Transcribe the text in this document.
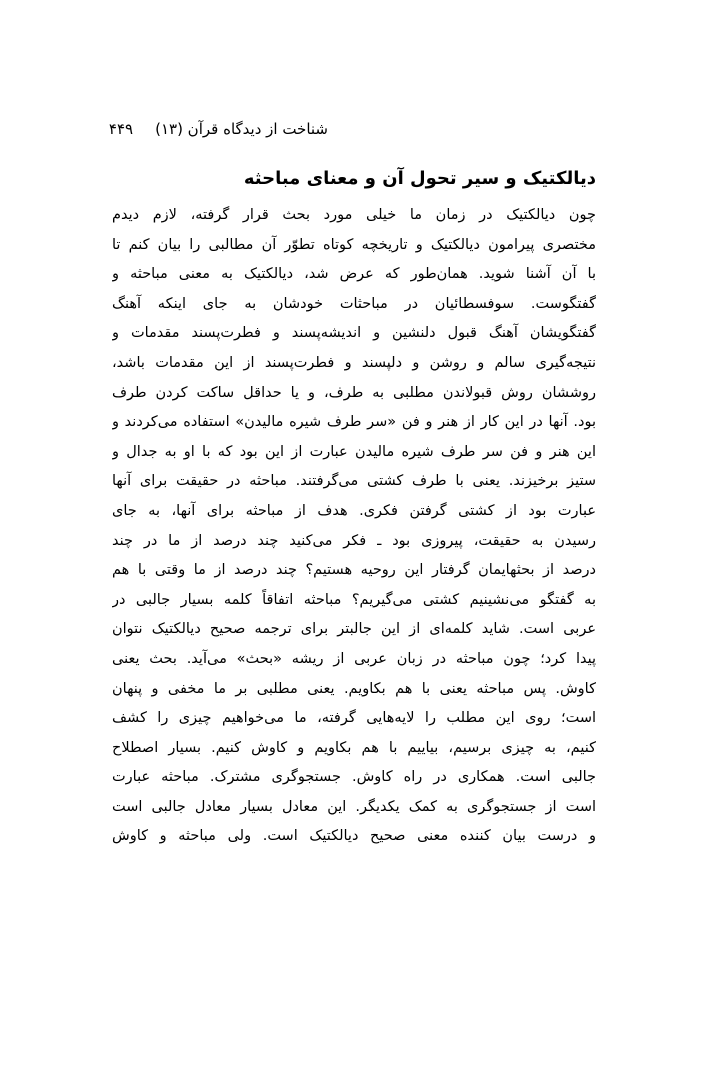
شناخت از دیدگاه قرآن (۱۳)
۴۴۹
دیالکتیک و سیر تحول آن و معنای مباحثه
چون دیالکتیک در زمان ما خیلی مورد بحث قرار گرفته، لازم دیدم
مختصری پیرامون دیالکتیک و تاریخچه کوتاه تطوّر آن مطالبی را بیان کنم تا
با آن آشنا شوید. همان‌طور که عرض شد، دیالکتیک به معنی مباحثه و
گفتگوست. سوفسطائیان در مباحثات خودشان به جای اینکه آهنگ
گفتگویشان آهنگ قبول دلنشین و اندیشه‌پسند و فطرت‌پسند مقدمات و
نتیجه‌گیری سالم و روشن و دلپسند و فطرت‌پسند از این مقدمات باشد،
روششان روش قبولاندن مطلبی به طرف، و یا حداقل ساکت کردن طرف
بود. آنها در این کار از هنر و فن «سر طرف شیره مالیدن» استفاده می‌کردند و
این هنر و فن سر طرف شیره مالیدن عبارت از این بود که با او به جدال و
ستیز برخیزند. یعنی با طرف کشتی می‌گرفتند. مباحثه در حقیقت برای آنها
عبارت بود از کشتی گرفتن فکری. هدف از مباحثه برای آنها، به جای
رسیدن به حقیقت، پیروزی بود ـ فکر می‌کنید چند درصد از ما در چند
درصد از بحثهایمان گرفتار این روحیه هستیم؟ چند درصد از ما وقتی با هم
به گفتگو می‌نشینیم کشتی می‌گیریم؟ مباحثه اتفاقاً کلمه بسیار جالبی در
عربی است. شاید کلمه‌ای از این جالبتر برای ترجمه صحیح دیالکتیک نتوان
پیدا کرد؛ چون مباحثه در زبان عربی از ریشه «بحث» می‌آید. بحث یعنی
کاوش. پس مباحثه یعنی با هم بکاویم. یعنی مطلبی بر ما مخفی و پنهان
است؛ روی این مطلب را لایه‌هایی گرفته، ما می‌خواهیم چیزی را کشف
کنیم، به چیزی برسیم، بیاییم با هم بکاویم و کاوش کنیم. بسیار اصطلاح
جالبی است. همکاری در راه کاوش. جستجوگری مشترک. مباحثه عبارت
است از جستجوگری به کمک یکدیگر. این معادل بسیار معادل جالبی است
و درست بیان کننده معنی صحیح دیالکتیک است. ولی مباحثه و کاوش
